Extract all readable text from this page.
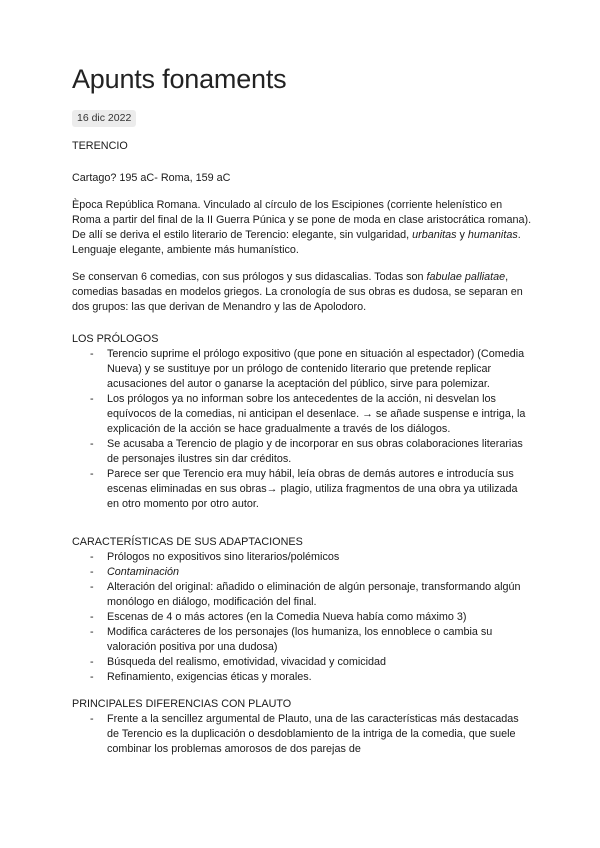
Apunts fonaments
16 dic 2022
TERENCIO
Cartago? 195 aC- Roma, 159 aC

Època República Romana. Vinculado al círculo de los Escipiones (corriente helenístico en Roma a partir del final de la II Guerra Púnica y se pone de moda en clase aristocrática romana). De allí se deriva el estilo literario de Terencio: elegante, sin vulgaridad, urbanitas y humanitas. Lenguaje elegante, ambiente más humanístico.

Se conservan 6 comedias, con sus prólogos y sus didascalias. Todas son fabulae palliatae, comedias basadas en modelos griegos. La cronología de sus obras es dudosa, se separan en dos grupos: las que derivan de Menandro y las de Apolodoro.

LOS PRÓLOGOS
- Terencio suprime el prólogo expositivo (que pone en situación al espectador) (Comedia Nueva) y se sustituye por un prólogo de contenido literario que pretende replicar acusaciones del autor o ganarse la aceptación del público, sirve para polemizar.
- Los prólogos ya no informan sobre los antecedentes de la acción, ni desvelan los equívocos de la comedias, ni anticipan el desenlace. → se añade suspense e intriga, la explicación de la acción se hace gradualmente a través de los diálogos.
- Se acusaba a Terencio de plagio y de incorporar en sus obras colaboraciones literarias de personajes ilustres sin dar créditos.
- Parece ser que Terencio era muy hábil, leía obras de demás autores e introducía sus escenas eliminadas en sus obras→ plagio, utiliza fragmentos de una obra ya utilizada en otro momento por otro autor.
CARACTERÍSTICAS DE SUS ADAPTACIONES
- Prólogos no expositivos sino literarios/polémicos
- Contaminación
- Alteración del original: añadido o eliminación de algún personaje, transformando algún monólogo en diálogo, modificación del final.
- Escenas de 4 o más actores (en la Comedia Nueva había como máximo 3)
- Modifica carácteres de los personajes (los humaniza, los ennoblece o cambia su valoración positiva por una dudosa)
- Búsqueda del realismo, emotividad, vivacidad y comicidad
- Refinamiento, exigencias éticas y morales.
PRINCIPALES DIFERENCIAS CON PLAUTO
- Frente a la sencillez argumental de Plauto, una de las características más destacadas de Terencio es la duplicación o desdoblamiento de la intriga de la comedia, que suele combinar los problemas amorosos de dos parejas de
